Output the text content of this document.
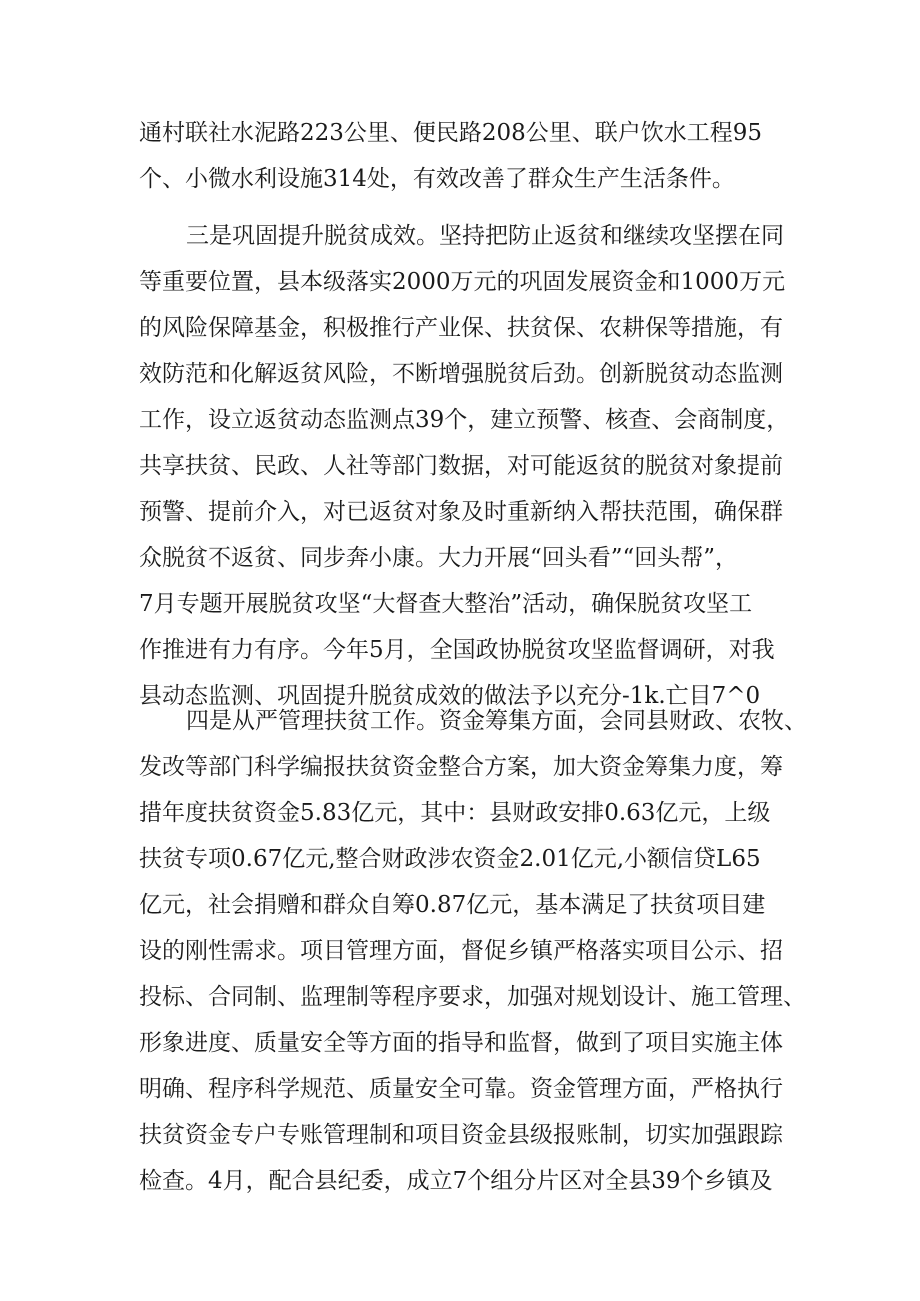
通村联社水泥路223公里、便民路208公里、联户饮水工程95
个、小微水利设施314处，有效改善了群众生产生活条件。
三是巩固提升脱贫成效。坚持把防止返贫和继续攻坚摆在同
等重要位置，县本级落实2000万元的巩固发展资金和1000万元
的风险保障基金，积极推行产业保、扶贫保、农耕保等措施，有
效防范和化解返贫风险，不断增强脱贫后劲。创新脱贫动态监测
工作，设立返贫动态监测点39个，建立预警、核查、会商制度，
共享扶贫、民政、人社等部门数据，对可能返贫的脱贫对象提前
预警、提前介入，对已返贫对象及时重新纳入帮扶范围，确保群
众脱贫不返贫、同步奔小康。大力开展“回头看”“回头帮”，
7月专题开展脱贫攻坚“大督查大整治”活动，确保脱贫攻坚工
作推进有力有序。今年5月，全国政协脱贫攻坚监督调研，对我
县动态监测、巩固提升脱贫成效的做法予以充分-1k.亡目7^0
四是从严管理扶贫工作。资金筹集方面，会同县财政、农牧、
发改等部门科学编报扶贫资金整合方案，加大资金筹集力度，筹
措年度扶贫资金5.83亿元，其中：县财政安排0.63亿元，上级
扶贫专项0.67亿元,整合财政涉农资金2.01亿元,小额信贷L65
亿元，社会捐赠和群众自筹0.87亿元，基本满足了扶贫项目建
设的刚性需求。项目管理方面，督促乡镇严格落实项目公示、招
投标、合同制、监理制等程序要求，加强对规划设计、施工管理、
形象进度、质量安全等方面的指导和监督，做到了项目实施主体
明确、程序科学规范、质量安全可靠。资金管理方面，严格执行
扶贫资金专户专账管理制和项目资金县级报账制，切实加强跟踪
检查。4月，配合县纪委，成立7个组分片区对全县39个乡镇及
